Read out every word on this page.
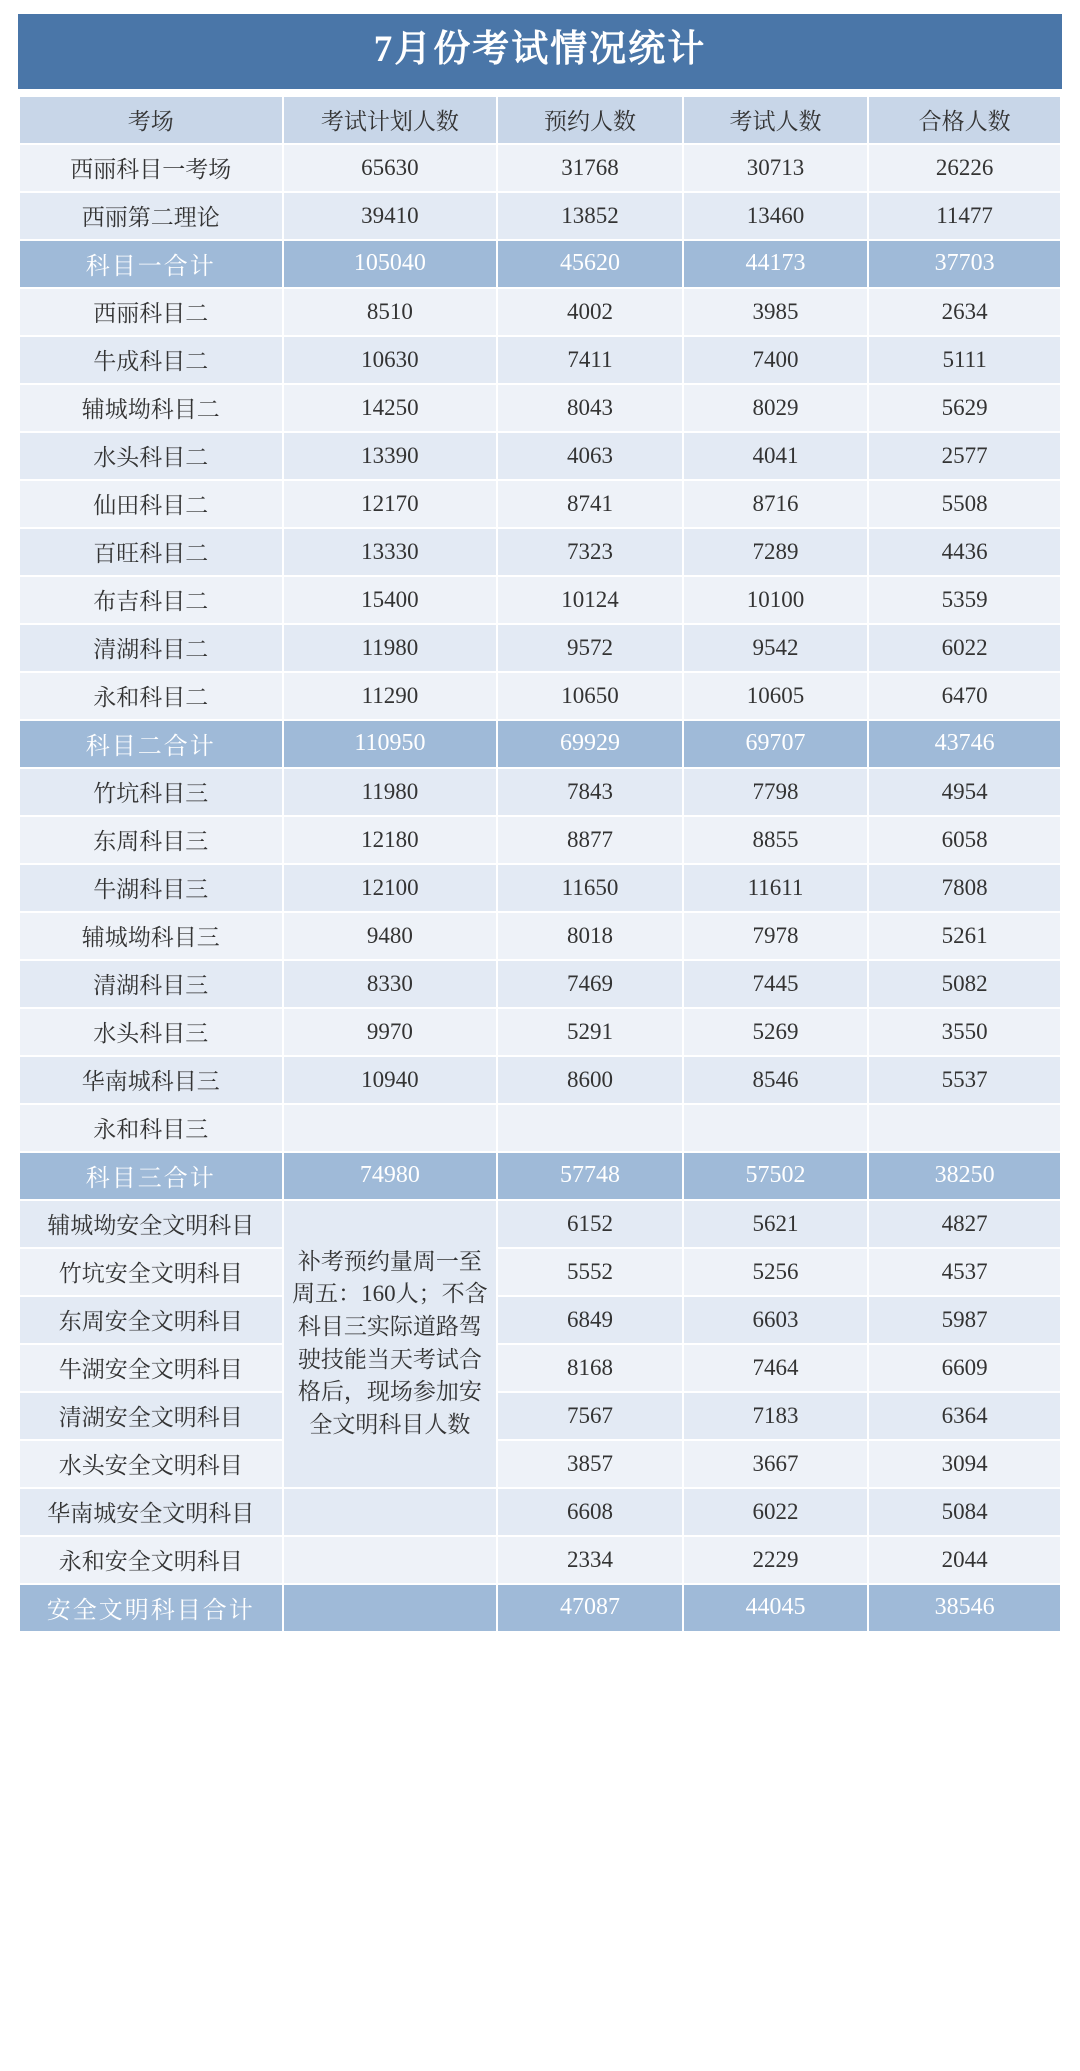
7月份考试情况统计
考场	考试计划人数	预约人数	考试人数	合格人数
西丽科目一考场	65630	31768	30713	26226
西丽第二理论	39410	13852	13460	11477
科目一合计	105040	45620	44173	37703
西丽科目二	8510	4002	3985	2634
牛成科目二	10630	7411	7400	5111
辅城坳科目二	14250	8043	8029	5629
水头科目二	13390	4063	4041	2577
仙田科目二	12170	8741	8716	5508
百旺科目二	13330	7323	7289	4436
布吉科目二	15400	10124	10100	5359
清湖科目二	11980	9572	9542	6022
永和科目二	11290	10650	10605	6470
科目二合计	110950	69929	69707	43746
竹坑科目三	11980	7843	7798	4954
东周科目三	12180	8877	8855	6058
牛湖科目三	12100	11650	11611	7808
辅城坳科目三	9480	8018	7978	5261
清湖科目三	8330	7469	7445	5082
水头科目三	9970	5291	5269	3550
华南城科目三	10940	8600	8546	5537
永和科目三				
科目三合计	74980	57748	57502	38250
辅城坳安全文明科目	补考预约量周一至周五：160人；不含科目三实际道路驾驶技能当天考试合格后，现场参加安全文明科目人数	6152	5621	4827
竹坑安全文明科目		5552	5256	4537
东周安全文明科目		6849	6603	5987
牛湖安全文明科目		8168	7464	6609
清湖安全文明科目		7567	7183	6364
水头安全文明科目		3857	3667	3094
华南城安全文明科目		6608	6022	5084
永和安全文明科目		2334	2229	2044
安全文明科目合计		47087	44045	38546
